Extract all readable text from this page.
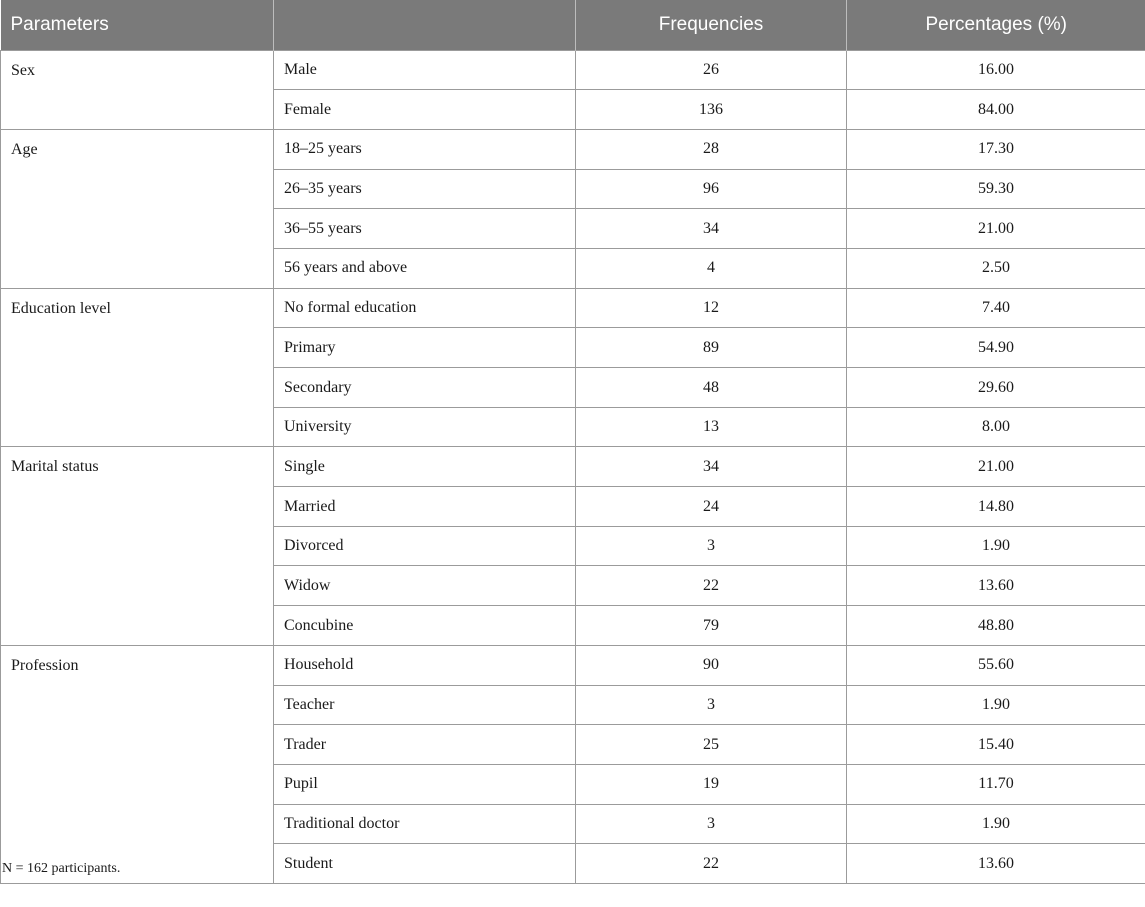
Parameters		Frequencies	Percentages (%)
Sex	Male	26	16.00
	Female	136	84.00
Age	18–25 years	28	17.30
	26–35 years	96	59.30
	36–55 years	34	21.00
	56 years and above	4	2.50
Education level	No formal education	12	7.40
	Primary	89	54.90
	Secondary	48	29.60
	University	13	8.00
Marital status	Single	34	21.00
	Married	24	14.80
	Divorced	3	1.90
	Widow	22	13.60
	Concubine	79	48.80
Profession	Household	90	55.60
	Teacher	3	1.90
	Trader	25	15.40
	Pupil	19	11.70
	Traditional doctor	3	1.90
	Student	22	13.60
N = 162 participants.
